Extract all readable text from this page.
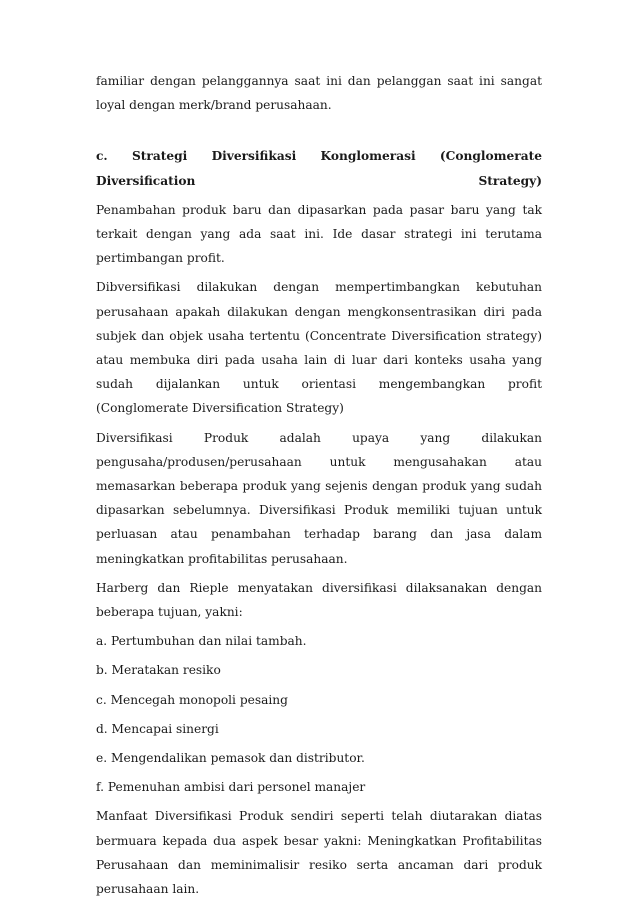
familiar dengan pelanggannya saat ini dan pelanggan saat ini sangat loyal dengan merk/brand perusahaan.

c. Strategi Diversifikasi Konglomerasi (Conglomerate Diversification Strategy)

Penambahan produk baru dan dipasarkan pada pasar baru yang tak terkait dengan yang ada saat ini. Ide dasar strategi ini terutama pertimbangan profit.

Dibversifikasi dilakukan dengan mempertimbangkan kebutuhan perusahaan apakah dilakukan dengan mengkonsentrasikan diri pada subjek dan objek usaha tertentu (Concentrate Diversification strategy) atau membuka diri pada usaha lain di luar dari konteks usaha yang sudah dijalankan untuk orientasi mengembangkan profit (Conglomerate Diversification Strategy)

Diversifikasi Produk adalah upaya yang dilakukan pengusaha/produsen/perusahaan untuk mengusahakan atau memasarkan beberapa produk yang sejenis dengan produk yang sudah dipasarkan sebelumnya. Diversifikasi Produk memiliki tujuan untuk perluasan atau penambahan terhadap barang dan jasa dalam meningkatkan profitabilitas perusahaan.

Harberg dan Rieple menyatakan diversifikasi dilaksanakan dengan beberapa tujuan, yakni:

a. Pertumbuhan dan nilai tambah.

b. Meratakan resiko

c. Mencegah monopoli pesaing

d. Mencapai sinergi

e. Mengendalikan pemasok dan distributor.

f. Pemenuhan ambisi dari personel manajer

Manfaat Diversifikasi Produk sendiri seperti telah diutarakan diatas bermuara kepada dua aspek besar yakni: Meningkatkan Profitabilitas Perusahaan dan meminimalisir resiko serta ancaman dari produk perusahaan lain.
